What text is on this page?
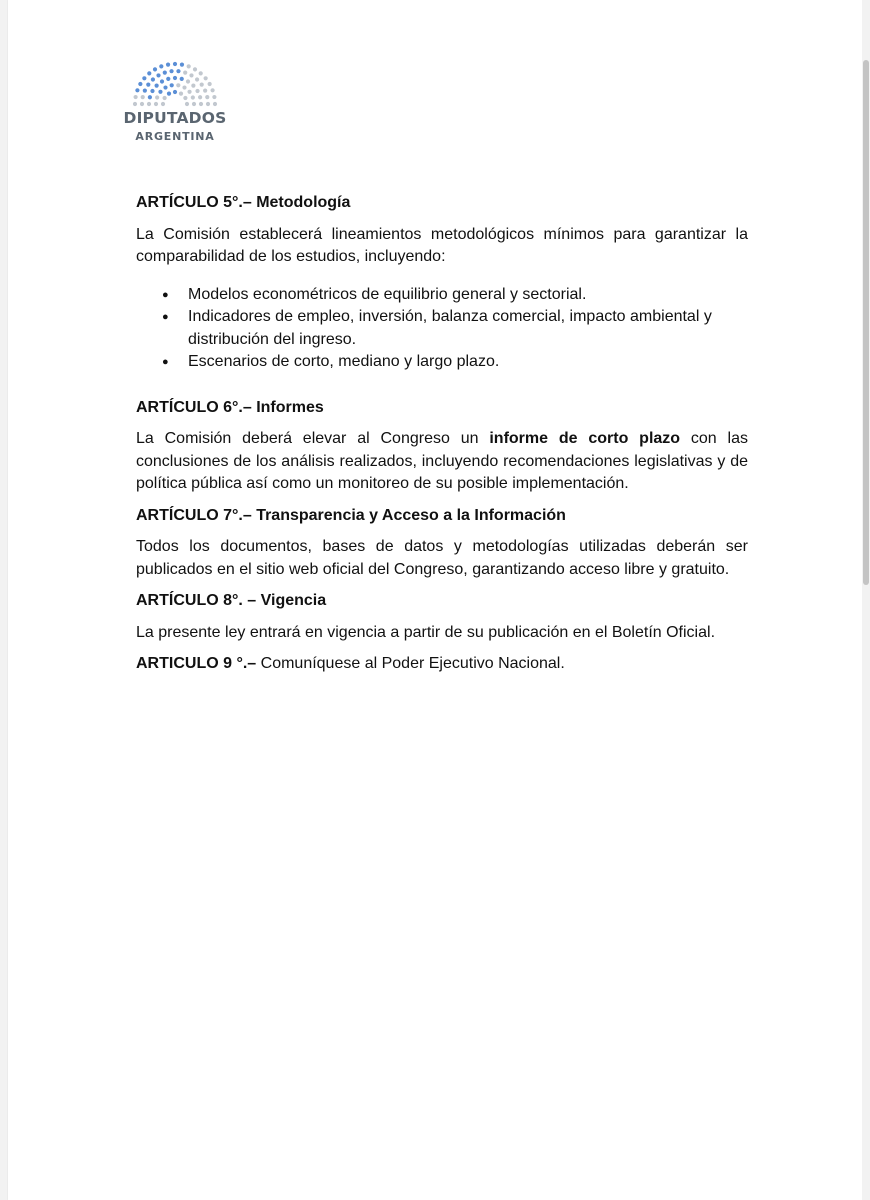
DIPUTADOS
ARGENTINA

ARTÍCULO 5°.– Metodología

La Comisión establecerá lineamientos metodológicos mínimos para garantizar la comparabilidad de los estudios, incluyendo:

● Modelos econométricos de equilibrio general y sectorial.
● Indicadores de empleo, inversión, balanza comercial, impacto ambiental y distribución del ingreso.
● Escenarios de corto, mediano y largo plazo.

ARTÍCULO 6°.– Informes

La Comisión deberá elevar al Congreso un informe de corto plazo con las conclusiones de los análisis realizados, incluyendo recomendaciones legislativas y de política pública así como un monitoreo de su posible implementación.

ARTÍCULO 7°.– Transparencia y Acceso a la Información

Todos los documentos, bases de datos y metodologías utilizadas deberán ser publicados en el sitio web oficial del Congreso, garantizando acceso libre y gratuito.

ARTÍCULO 8°. – Vigencia

La presente ley entrará en vigencia a partir de su publicación en el Boletín Oficial.

ARTICULO 9 °.– Comuníquese al Poder Ejecutivo Nacional.
